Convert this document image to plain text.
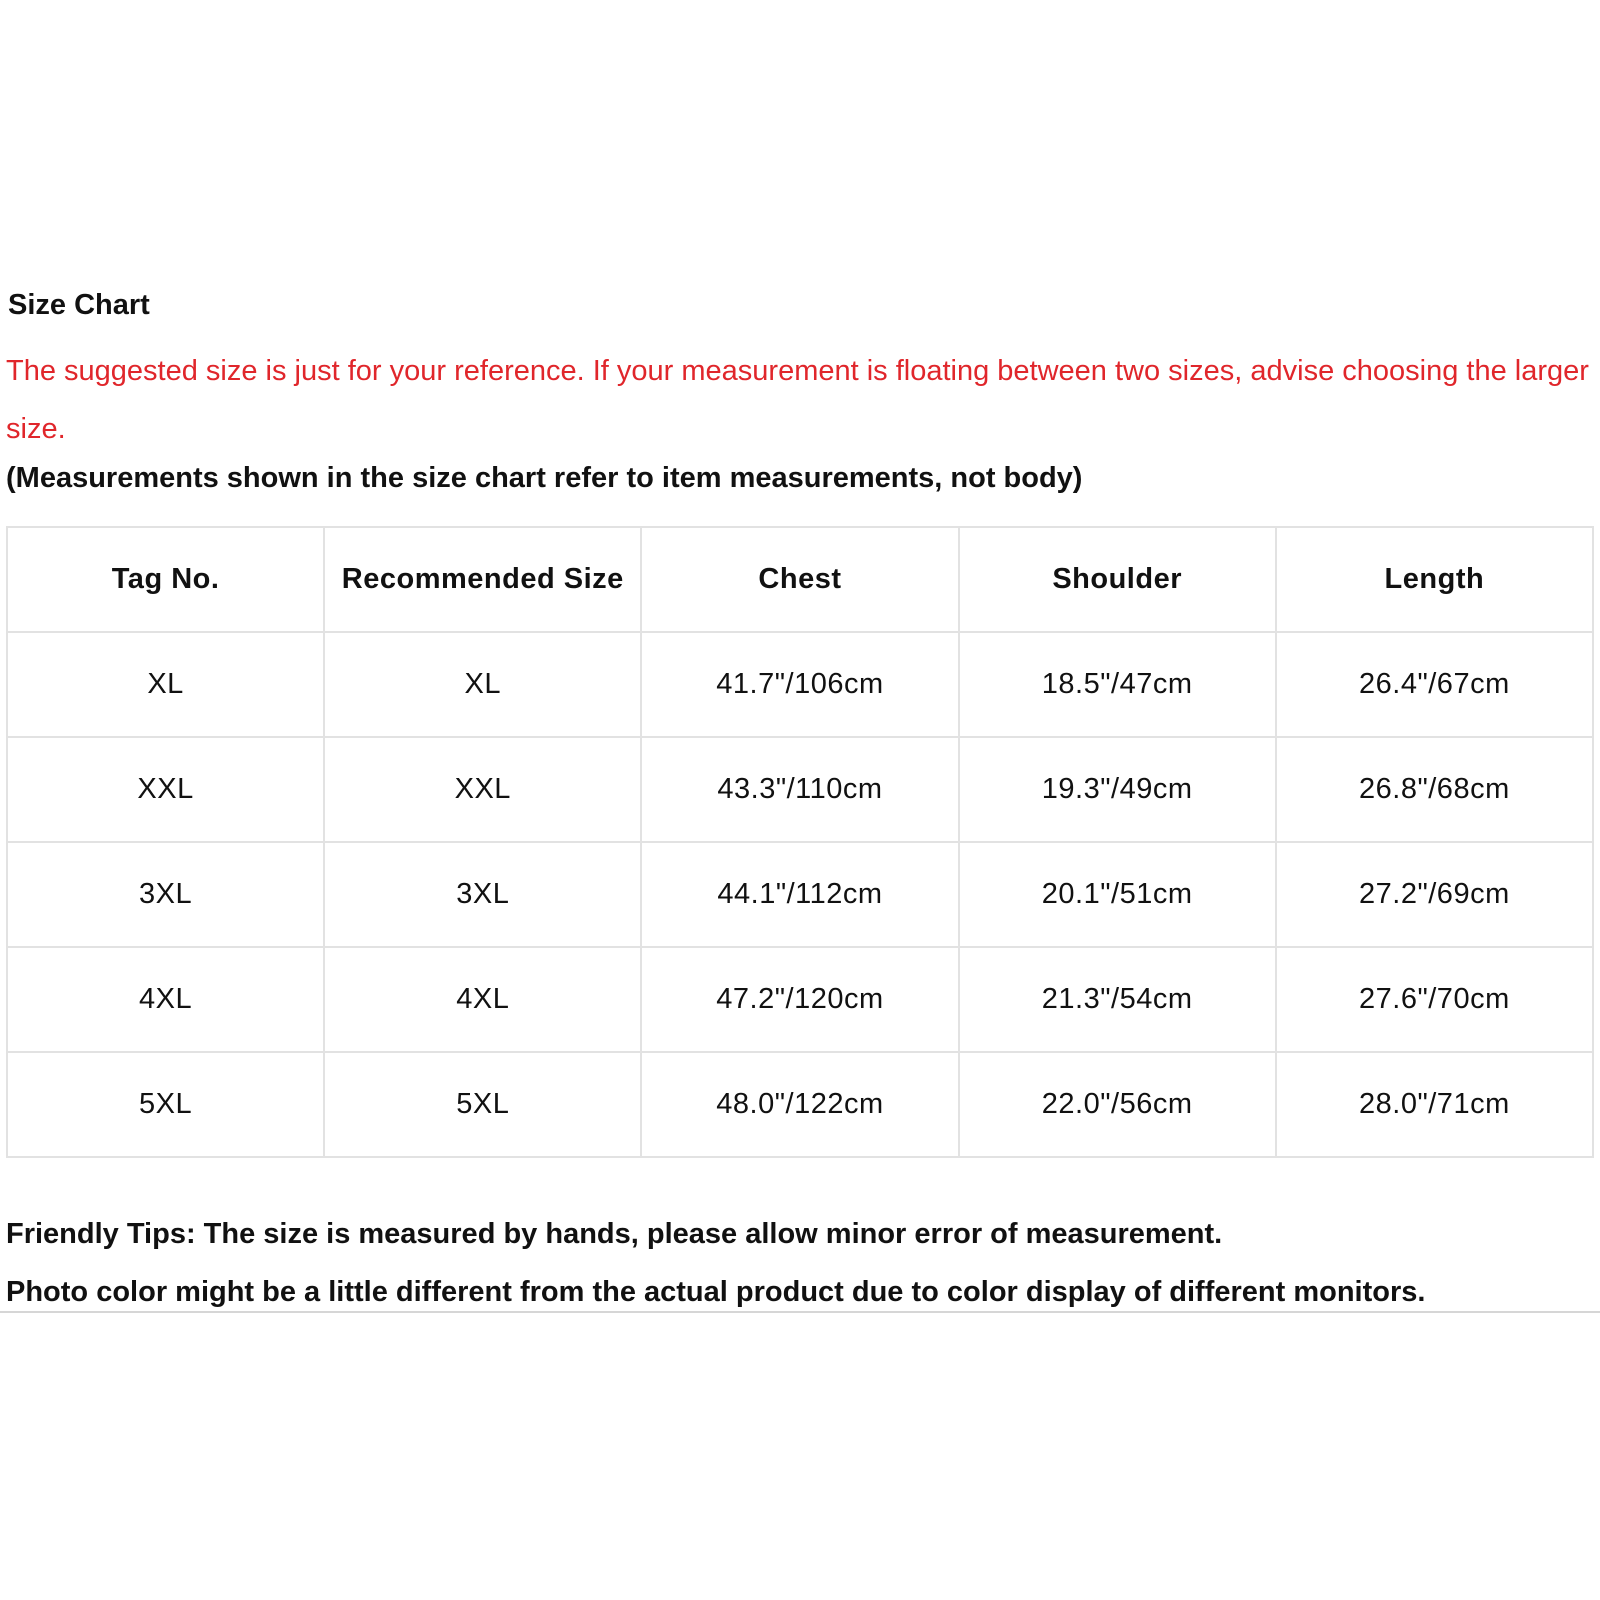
Size Chart

The suggested size is just for your reference. If your measurement is floating between two sizes, advise choosing the larger size.

(Measurements shown in the size chart refer to item measurements, not body)

Tag No.	Recommended Size	Chest	Shoulder	Length
XL	XL	41.7"/106cm	18.5"/47cm	26.4"/67cm
XXL	XXL	43.3"/110cm	19.3"/49cm	26.8"/68cm
3XL	3XL	44.1"/112cm	20.1"/51cm	27.2"/69cm
4XL	4XL	47.2"/120cm	21.3"/54cm	27.6"/70cm
5XL	5XL	48.0"/122cm	22.0"/56cm	28.0"/71cm

Friendly Tips: The size is measured by hands, please allow minor error of measurement.
Photo color might be a little different from the actual product due to color display of different monitors.
